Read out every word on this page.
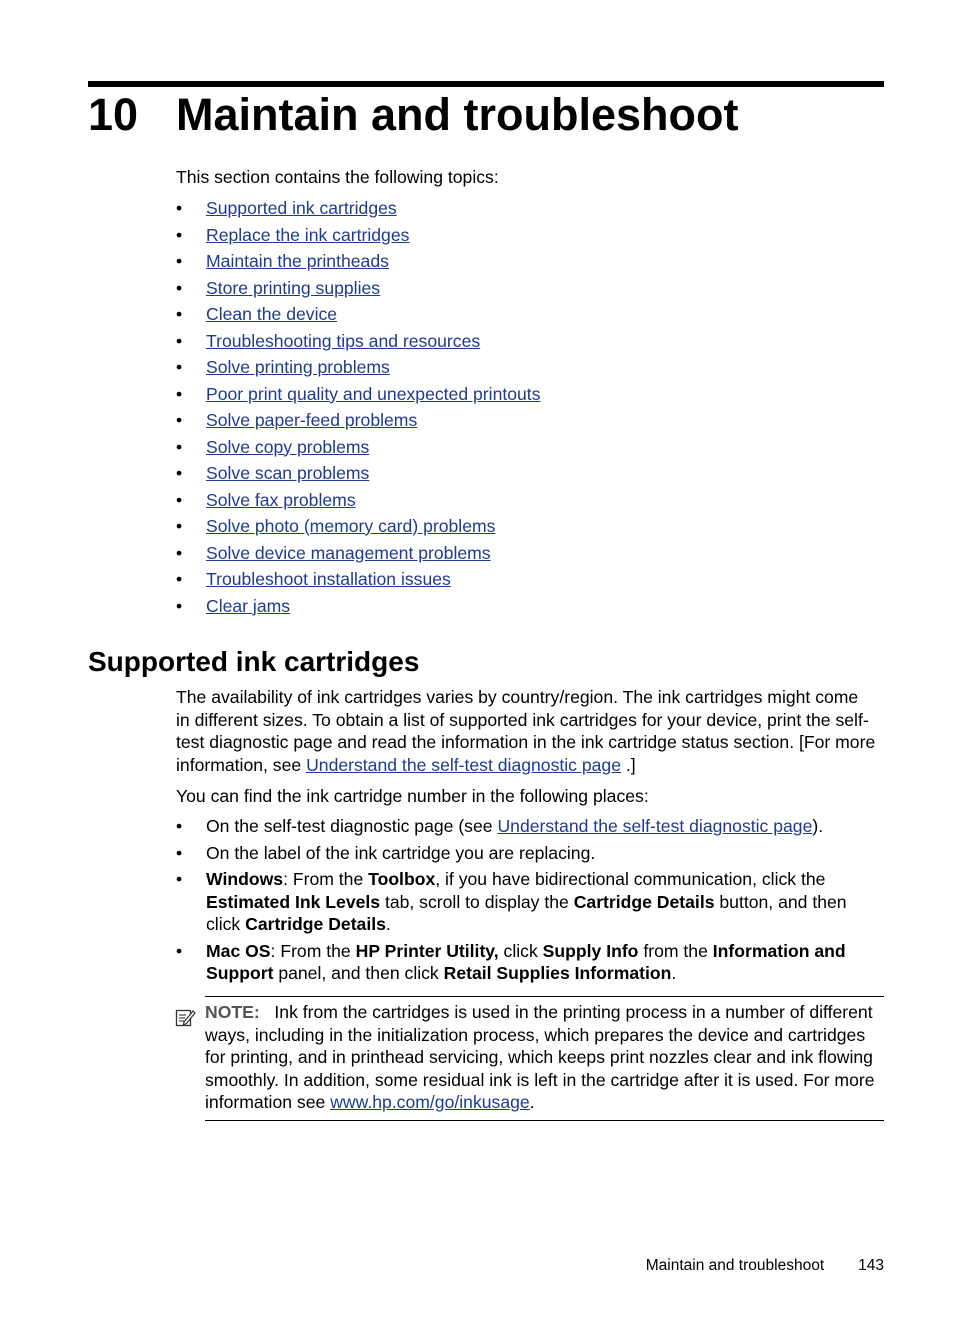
10 Maintain and troubleshoot

This section contains the following topics:

• Supported ink cartridges
• Replace the ink cartridges
• Maintain the printheads
• Store printing supplies
• Clean the device
• Troubleshooting tips and resources
• Solve printing problems
• Poor print quality and unexpected printouts
• Solve paper-feed problems
• Solve copy problems
• Solve scan problems
• Solve fax problems
• Solve photo (memory card) problems
• Solve device management problems
• Troubleshoot installation issues
• Clear jams
Supported ink cartridges

The availability of ink cartridges varies by country/region. The ink cartridges might come in different sizes. To obtain a list of supported ink cartridges for your device, print the self-test diagnostic page and read the information in the ink cartridge status section. [For more information, see Understand the self-test diagnostic page .]

You can find the ink cartridge number in the following places:

•	On the self-test diagnostic page (see Understand the self-test diagnostic page).
•	On the label of the ink cartridge you are replacing.
•	Windows: From the Toolbox, if you have bidirectional communication, click the Estimated Ink Levels tab, scroll to display the Cartridge Details button, and then click Cartridge Details.
•	Mac OS: From the HP Printer Utility, click Supply Info from the Information and Support panel, and then click Retail Supplies Information.

NOTE: Ink from the cartridges is used in the printing process in a number of different ways, including in the initialization process, which prepares the device and cartridges for printing, and in printhead servicing, which keeps print nozzles clear and ink flowing smoothly. In addition, some residual ink is left in the cartridge after it is used. For more information see www.hp.com/go/inkusage.

Maintain and troubleshoot 143
